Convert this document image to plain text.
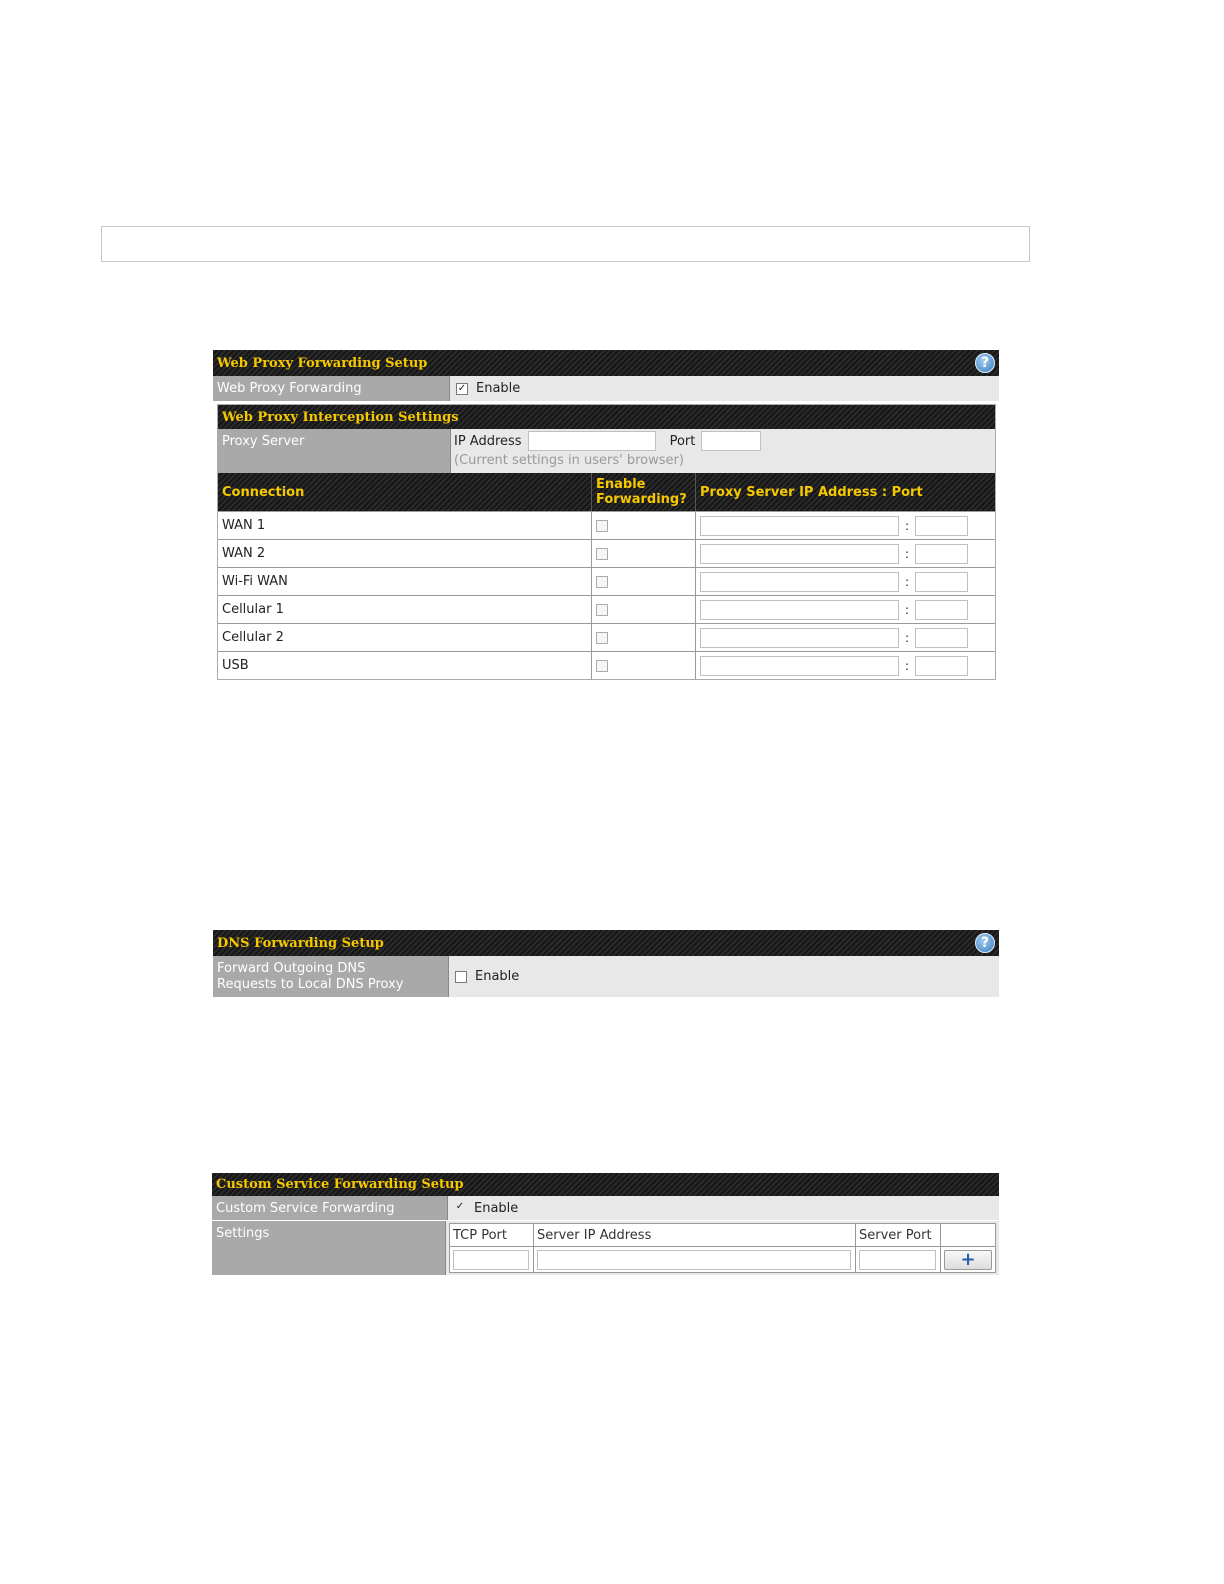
Web Proxy Forwarding Setup	?
Web Proxy Forwarding	✓ Enable
Web Proxy Interception Settings
Proxy Server	IP Address	Port
(Current settings in users' browser)
Connection	Enable
Forwarding?	Proxy Server IP Address : Port
WAN 1	:
WAN 2	:
Wi-Fi WAN	:
Cellular 1	:
Cellular 2	:
USB	:
DNS Forwarding Setup	?
Forward Outgoing DNS
Requests to Local DNS Proxy	Enable
Custom Service Forwarding Setup
Custom Service Forwarding	✓ Enable
Settings	TCP Port	Server IP Address	Server Port
+
